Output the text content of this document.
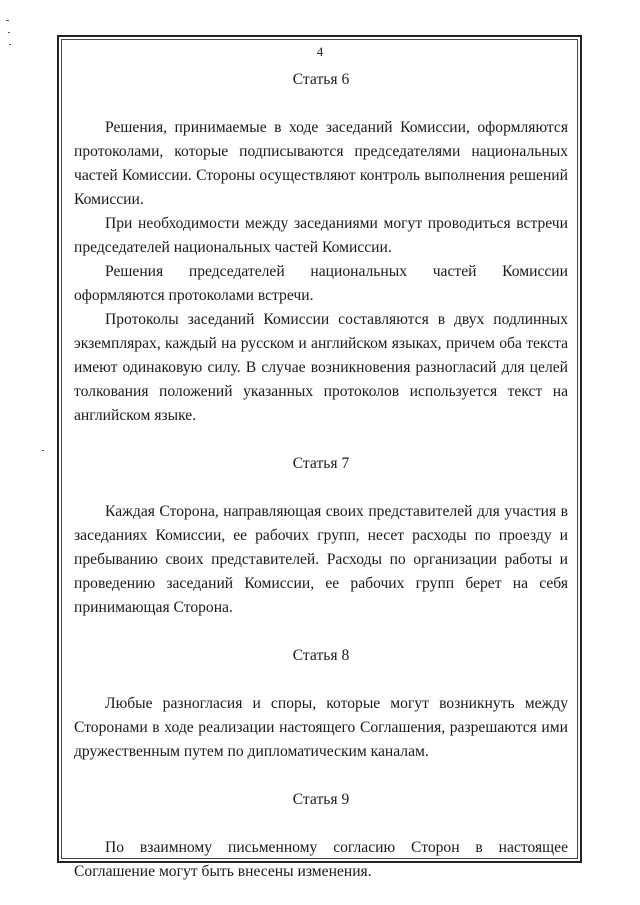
4

Статья 6

Решения, принимаемые в ходе заседаний Комиссии, оформляются протоколами, которые подписываются председателями национальных частей Комиссии. Стороны осуществляют контроль выполнения решений Комиссии.

При необходимости между заседаниями могут проводиться встречи председателей национальных частей Комиссии.

Решения председателей национальных частей Комиссии оформляются протоколами встречи.

Протоколы заседаний Комиссии составляются в двух подлинных экземплярах, каждый на русском и английском языках, причем оба текста имеют одинаковую силу. В случае возникновения разногласий для целей толкования положений указанных протоколов используется текст на английском языке.

Статья 7

Каждая Сторона, направляющая своих представителей для участия в заседаниях Комиссии, ее рабочих групп, несет расходы по проезду и пребыванию своих представителей. Расходы по организации работы и проведению заседаний Комиссии, ее рабочих групп берет на себя принимающая Сторона.

Статья 8

Любые разногласия и споры, которые могут возникнуть между Сторонами в ходе реализации настоящего Соглашения, разрешаются ими дружественным путем по дипломатическим каналам.

Статья 9

По взаимному письменному согласию Сторон в настоящее Соглашение могут быть внесены изменения.
